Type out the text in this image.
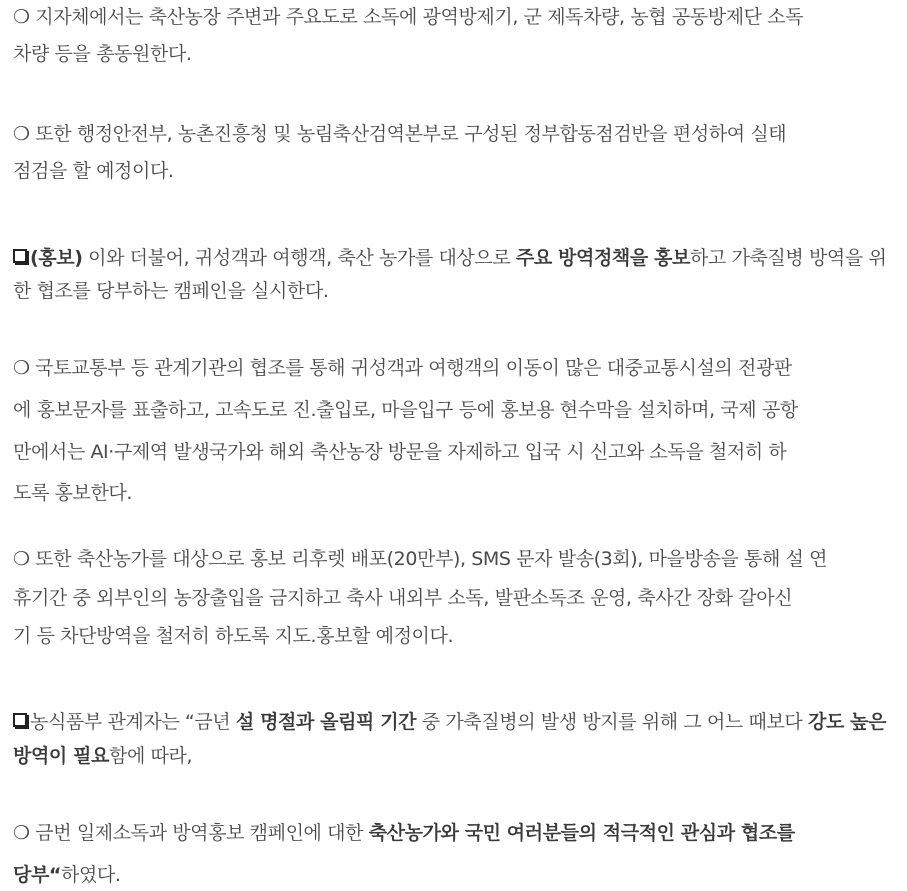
❍ 지자체에서는 축산농장 주변과 주요도로 소독에 광역방제기, 군 제독차량, 농협 공동방제단 소독
차량 등을 총동원한다.
❍ 또한 행정안전부, 농촌진흥청 및 농림축산검역본부로 구성된 정부합동점검반을 편성하여 실태
점검을 할 예정이다.
(홍보) 이와 더불어, 귀성객과 여행객, 축산 농가를 대상으로 주요 방역정책을 홍보하고 가축질병 방역을 위
한 협조를 당부하는 캠페인을 실시한다.
❍ 국토교통부 등 관계기관의 협조를 통해 귀성객과 여행객의 이동이 많은 대중교통시설의 전광판
에 홍보문자를 표출하고, 고속도로 진.출입로, 마을입구 등에 홍보용 현수막을 설치하며, 국제 공항
만에서는 AI·구제역 발생국가와 해외 축산농장 방문을 자제하고 입국 시 신고와 소독을 철저히 하
도록 홍보한다.
❍ 또한 축산농가를 대상으로 홍보 리후렛 배포(20만부), SMS 문자 발송(3회), 마을방송을 통해 설 연
휴기간 중 외부인의 농장출입을 금지하고 축사 내외부 소독, 발판소독조 운영, 축사간 장화 갈아신
기 등 차단방역을 철저히 하도록 지도.홍보할 예정이다.
농식품부 관계자는 “금년 설 명절과 올림픽 기간 중 가축질병의 발생 방지를 위해 그 어느 때보다 강도 높은
방역이 필요함에 따라,
❍ 금번 일제소독과 방역홍보 캠페인에 대한 축산농가와 국민 여러분들의 적극적인 관심과 협조를
당부“하였다.
